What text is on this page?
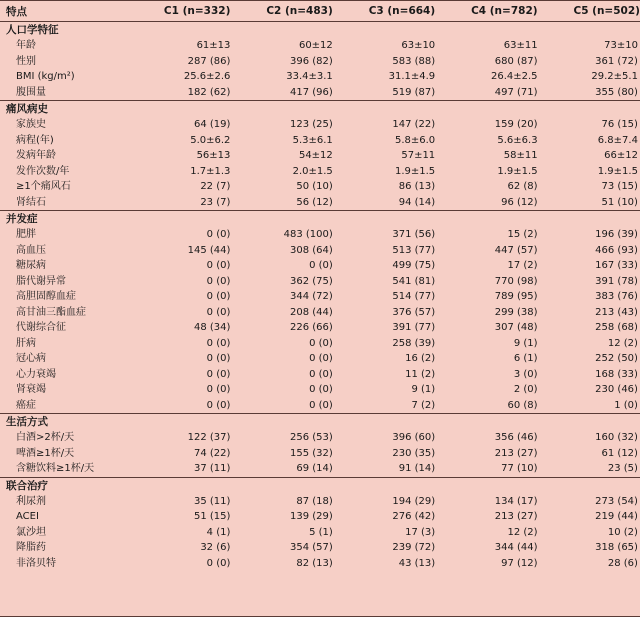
特点	C1 (n=332)	C2 (n=483)	C3 (n=664)	C4 (n=782)	C5 (n=502)
人口学特征
年龄	61±13	60±12	63±10	63±11	73±10
性别	287 (86)	396 (82)	583 (88)	680 (87)	361 (72)
BMI (kg/m²)	25.6±2.6	33.4±3.1	31.1±4.9	26.4±2.5	29.2±5.1
腹围量	182 (62)	417 (96)	519 (87)	497 (71)	355 (80)
痛风病史
家族史	64 (19)	123 (25)	147 (22)	159 (20)	76 (15)
病程(年)	5.0±6.2	5.3±6.1	5.8±6.0	5.6±6.3	6.8±7.4
发病年龄	56±13	54±12	57±11	58±11	66±12
发作次数/年	1.7±1.3	2.0±1.5	1.9±1.5	1.9±1.5	1.9±1.5
≥1个痛风石	22 (7)	50 (10)	86 (13)	62 (8)	73 (15)
肾结石	23 (7)	56 (12)	94 (14)	96 (12)	51 (10)
并发症
肥胖	0 (0)	483 (100)	371 (56)	15 (2)	196 (39)
高血压	145 (44)	308 (64)	513 (77)	447 (57)	466 (93)
糖尿病	0 (0)	0 (0)	499 (75)	17 (2)	167 (33)
脂代谢异常	0 (0)	362 (75)	541 (81)	770 (98)	391 (78)
高胆固醇血症	0 (0)	344 (72)	514 (77)	789 (95)	383 (76)
高甘油三酯血症	0 (0)	208 (44)	376 (57)	299 (38)	213 (43)
代谢综合征	48 (34)	226 (66)	391 (77)	307 (48)	258 (68)
肝病	0 (0)	0 (0)	258 (39)	9 (1)	12 (2)
冠心病	0 (0)	0 (0)	16 (2)	6 (1)	252 (50)
心力衰竭	0 (0)	0 (0)	11 (2)	3 (0)	168 (33)
肾衰竭	0 (0)	0 (0)	9 (1)	2 (0)	230 (46)
癌症	0 (0)	0 (0)	7 (2)	60 (8)	1 (0)
生活方式
白酒>2杯/天	122 (37)	256 (53)	396 (60)	356 (46)	160 (32)
啤酒≥1杯/天	74 (22)	155 (32)	230 (35)	213 (27)	61 (12)
含糖饮料≥1杯/天	37 (11)	69 (14)	91 (14)	77 (10)	23 (5)
联合治疗
利尿剂	35 (11)	87 (18)	194 (29)	134 (17)	273 (54)
ACEI	51 (15)	139 (29)	276 (42)	213 (27)	219 (44)
氯沙坦	4 (1)	5 (1)	17 (3)	12 (2)	10 (2)
降脂药	32 (6)	354 (57)	239 (72)	344 (44)	318 (65)
非洛贝特	0 (0)	82 (13)	43 (13)	97 (12)	28 (6)
